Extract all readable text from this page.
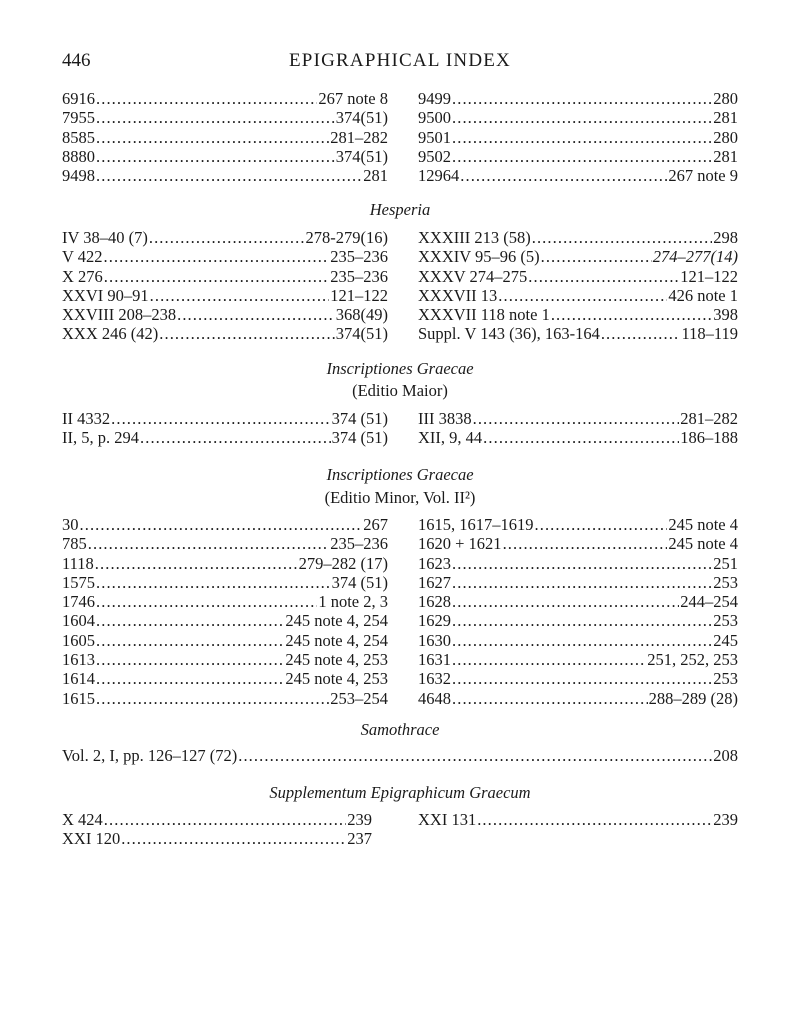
446	EPIGRAPHICAL INDEX
6916 .....	267 note 8
7955 .....	374(51)
8585 .....	281–282
8880 .....	374(51)
9498 .....	281
9499 .....	280
9500 .....	281
9501 .....	280
9502 .....	281
12964 .....	267 note 9
Hesperia
IV 38–40 (7) .....	278-279(16)
V 422 .....	235–236
X 276 .....	235–236
XXVI 90–91 .....	121–122
XXVIII 208–238 .....	368(49)
XXX 246 (42) .....	374(51)
XXXIII 213 (58) .....	298
XXXIV 95–96 (5) .....	274–277(14)
XXXV 274–275 .....	121–122
XXXVII 13 .....	426 note 1
XXXVII 118 note 1 .....	398
Suppl. V 143 (36), 163-164 .....	118–119
Inscriptiones Graecae
(Editio Maior)
II 4332 .....	374 (51)
II, 5, p. 294 .....	374 (51)
III 3838 .....	281–282
XII, 9, 44 .....	186–188
Inscriptiones Graecae
(Editio Minor, Vol. II²)
30 .....	267
785 .....	235–236
1118 .....	279–282 (17)
1575 .....	374 (51)
1746 .....	1 note 2, 3
1604 .....	245 note 4, 254
1605 .....	245 note 4, 254
1613 .....	245 note 4, 253
1614 .....	245 note 4, 253
1615 .....	253–254
1615, 1617–1619 .....	245 note 4
1620 + 1621 .....	245 note 4
1623 .....	251
1627 .....	253
1628 .....	244–254
1629 .....	253
1630 .....	245
1631 .....	251, 252, 253
1632 .....	253
4648 .....	288–289 (28)
Samothrace
Vol. 2, I, pp. 126–127 (72) .....	208
Supplementum Epigraphicum Graecum
X 424 .....	239
XXI 120 .....	237
XXI 131 .....	239
